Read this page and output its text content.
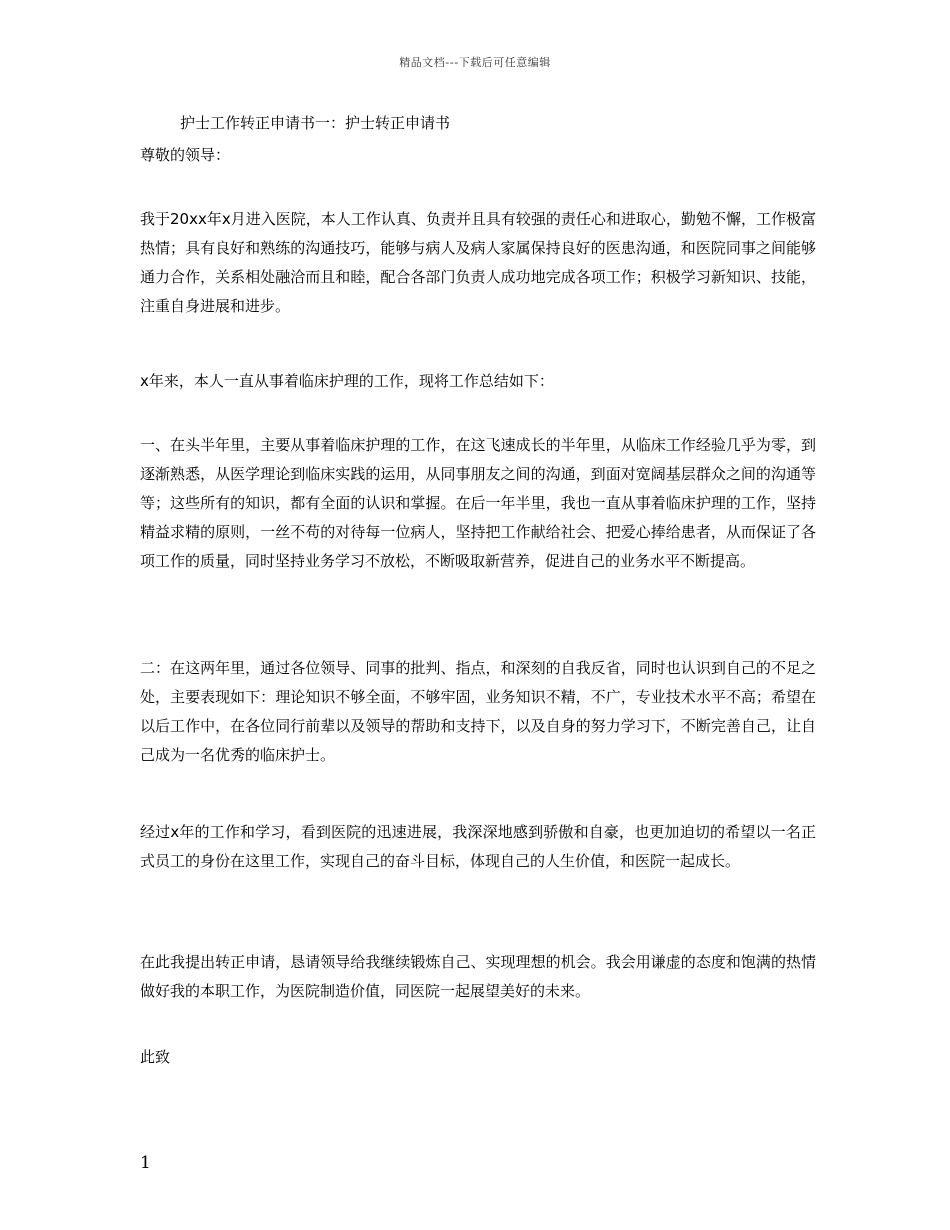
精品文档---下载后可任意编辑
护士工作转正申请书一：护士转正申请书
尊敬的领导：

我于20xx年x月进入医院，本人工作认真、负责并且具有较强的责任心和进取心，勤勉不懈，工作极富热情；具有良好和熟练的沟通技巧，能够与病人及病人家属保持良好的医患沟通，和医院同事之间能够通力合作，关系相处融洽而且和睦，配合各部门负责人成功地完成各项工作；积极学习新知识、技能，注重自身进展和进步。

x年来，本人一直从事着临床护理的工作，现将工作总结如下：

一、在头半年里，主要从事着临床护理的工作，在这飞速成长的半年里，从临床工作经验几乎为零，到逐渐熟悉，从医学理论到临床实践的运用，从同事朋友之间的沟通，到面对宽阔基层群众之间的沟通等等；这些所有的知识，都有全面的认识和掌握。在后一年半里，我也一直从事着临床护理的工作，坚持精益求精的原则，一丝不苟的对待每一位病人，坚持把工作献给社会、把爱心捧给患者，从而保证了各项工作的质量，同时坚持业务学习不放松，不断吸取新营养，促进自己的业务水平不断提高。

二：在这两年里，通过各位领导、同事的批判、指点，和深刻的自我反省，同时也认识到自己的不足之处，主要表现如下：理论知识不够全面，不够牢固，业务知识不精，不广，专业技术水平不高；希望在以后工作中，在各位同行前辈以及领导的帮助和支持下，以及自身的努力学习下，不断完善自己，让自己成为一名优秀的临床护士。

经过x年的工作和学习，看到医院的迅速进展，我深深地感到骄傲和自豪，也更加迫切的希望以一名正式员工的身份在这里工作，实现自己的奋斗目标，体现自己的人生价值，和医院一起成长。

在此我提出转正申请，恳请领导给我继续锻炼自己、实现理想的机会。我会用谦虚的态度和饱满的热情做好我的本职工作，为医院制造价值，同医院一起展望美好的未来。

此致
1
